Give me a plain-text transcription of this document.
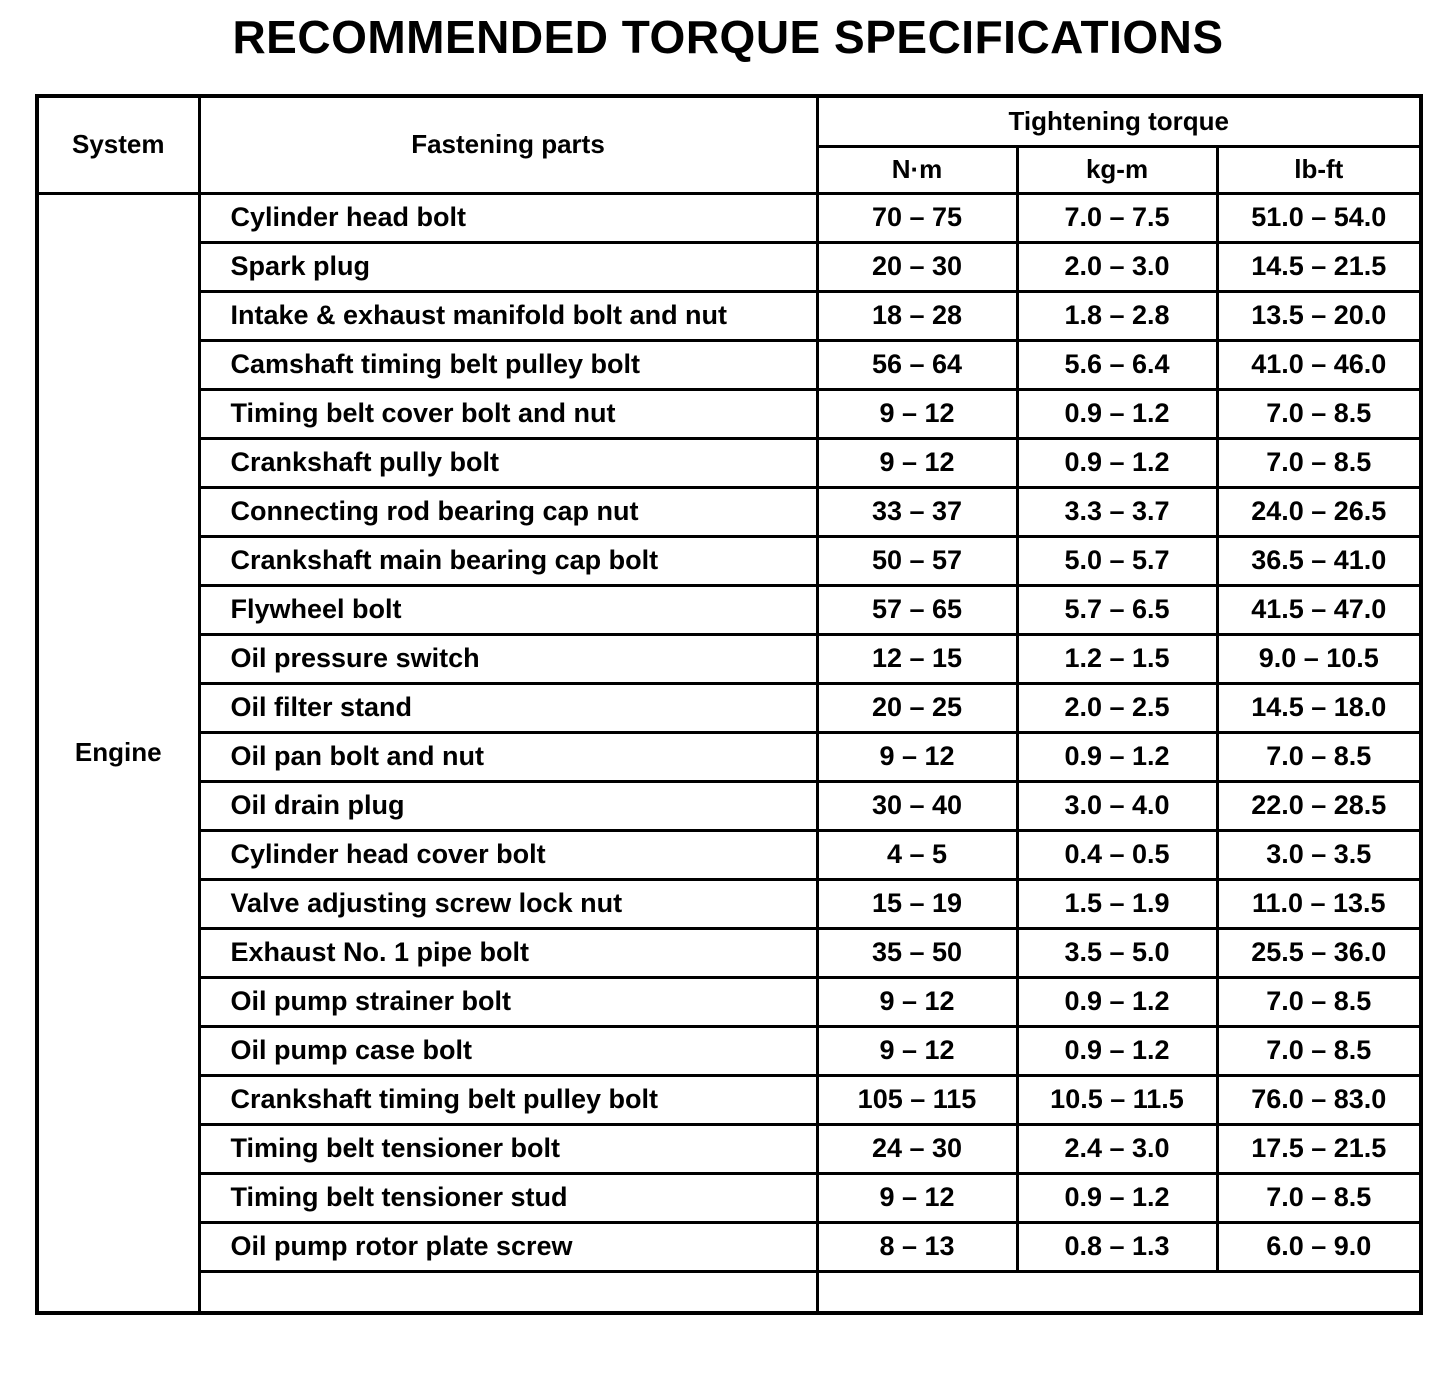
RECOMMENDED TORQUE SPECIFICATIONS
System	Fastening parts	Tightening torque		
		N·m	kg-m	lb-ft
Engine	Cylinder head bolt	70 – 75	7.0 – 7.5	51.0 – 54.0
	Spark plug	20 – 30	2.0 – 3.0	14.5 – 21.5
	Intake & exhaust manifold bolt and nut	18 – 28	1.8 – 2.8	13.5 – 20.0
	Camshaft timing belt pulley bolt	56 – 64	5.6 – 6.4	41.0 – 46.0
	Timing belt cover bolt and nut	9 – 12	0.9 – 1.2	7.0 – 8.5
	Crankshaft pully bolt	9 – 12	0.9 – 1.2	7.0 – 8.5
	Connecting rod bearing cap nut	33 – 37	3.3 – 3.7	24.0 – 26.5
	Crankshaft main bearing cap bolt	50 – 57	5.0 – 5.7	36.5 – 41.0
	Flywheel bolt	57 – 65	5.7 – 6.5	41.5 – 47.0
	Oil pressure switch	12 – 15	1.2 – 1.5	9.0 – 10.5
	Oil filter stand	20 – 25	2.0 – 2.5	14.5 – 18.0
	Oil pan bolt and nut	9 – 12	0.9 – 1.2	7.0 – 8.5
	Oil drain plug	30 – 40	3.0 – 4.0	22.0 – 28.5
	Cylinder head cover bolt	4 – 5	0.4 – 0.5	3.0 – 3.5
	Valve adjusting screw lock nut	15 – 19	1.5 – 1.9	11.0 – 13.5
	Exhaust No. 1 pipe bolt	35 – 50	3.5 – 5.0	25.5 – 36.0
	Oil pump strainer bolt	9 – 12	0.9 – 1.2	7.0 – 8.5
	Oil pump case bolt	9 – 12	0.9 – 1.2	7.0 – 8.5
	Crankshaft timing belt pulley bolt	105 – 115	10.5 – 11.5	76.0 – 83.0
	Timing belt tensioner bolt	24 – 30	2.4 – 3.0	17.5 – 21.5
	Timing belt tensioner stud	9 – 12	0.9 – 1.2	7.0 – 8.5
	Oil pump rotor plate screw	8 – 13	0.8 – 1.3	6.0 – 9.0
